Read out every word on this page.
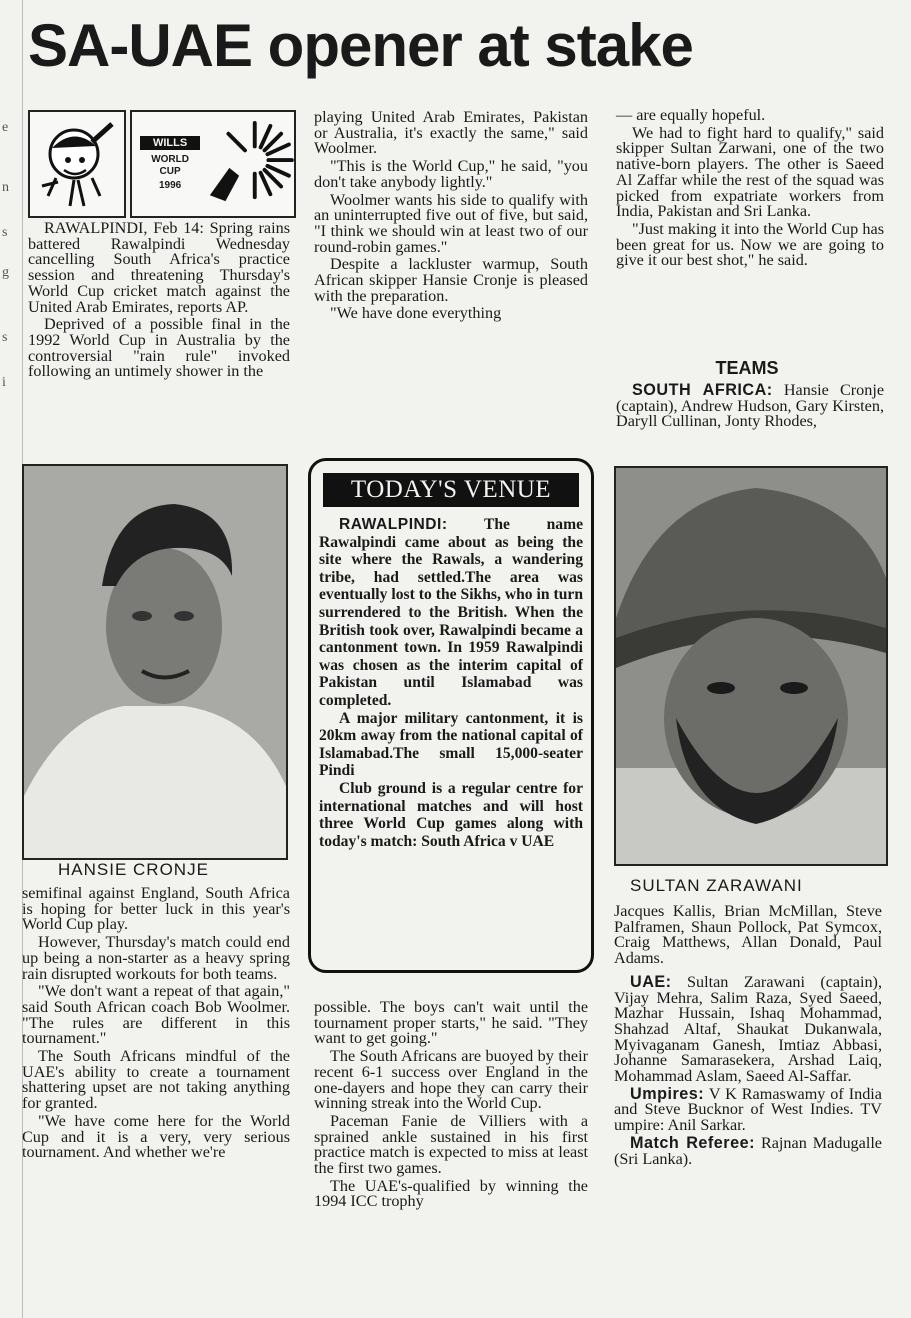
e
n
s
g
s
i
SA-UAE opener at stake
WILLS
WORLD CUP
1996

RAWALPINDI, Feb 14: Spring rains battered Rawalpindi Wednesday cancelling South Africa's practice session and threatening Thursday's World Cup cricket match against the United Arab Emirates, reports AP.

Deprived of a possible final in the 1992 World Cup in Australia by the controversial "rain rule" invoked following an untimely shower in the

HANSIE CRONJE

semifinal against England, South Africa is hoping for better luck in this year's World Cup play.

However, Thursday's match could end up being a non-starter as a heavy spring rain disrupted workouts for both teams.

"We don't want a repeat of that again," said South African coach Bob Woolmer. "The rules are different in this tournament."

The South Africans mindful of the UAE's ability to create a tournament shattering upset are not taking anything for granted.

"We have come here for the World Cup and it is a very, very serious tournament. And whether we're

playing United Arab Emirates, Pakistan or Australia, it's exactly the same," said Woolmer.

"This is the World Cup," he said, "you don't take anybody lightly."

Woolmer wants his side to qualify with an uninterrupted five out of five, but said, "I think we should win at least two of our round-robin games."

Despite a lackluster warmup, South African skipper Hansie Cronje is pleased with the preparation.

"We have done everything

TODAY'S VENUE

RAWALPINDI: The name Rawalpindi came about as being the site where the Rawals, a wandering tribe, had settled.The area was eventually lost to the Sikhs, who in turn surrendered to the British. When the British took over, Rawalpindi became a cantonment town. In 1959 Rawalpindi was chosen as the interim capital of Pakistan until Islamabad was completed.

A major military cantonment, it is 20km away from the national capital of Islamabad.The small 15,000-seater Pindi

Club ground is a regular centre for international matches and will host three World Cup games along with today's match: South Africa v UAE

possible. The boys can't wait until the tournament proper starts," he said. "They want to get going."

The South Africans are buoyed by their recent 6-1 success over England in the one-dayers and hope they can carry their winning streak into the World Cup.

Paceman Fanie de Villiers with a sprained ankle sustained in his first practice match is expected to miss at least the first two games.

The UAE's-qualified by winning the 1994 ICC trophy

— are equally hopeful.

We had to fight hard to qualify," said skipper Sultan Zarwani, one of the two native-born players. The other is Saeed Al Zaffar while the rest of the squad was picked from expatriate workers from India, Pakistan and Sri Lanka.

"Just making it into the World Cup has been great for us. Now we are going to give it our best shot," he said.

TEAMS

SOUTH AFRICA: Hansie Cronje (captain), Andrew Hudson, Gary Kirsten, Daryll Cullinan, Jonty Rhodes,

SULTAN ZARAWANI

Jacques Kallis, Brian McMillan, Steve Palframen, Shaun Pollock, Pat Symcox, Craig Matthews, Allan Donald, Paul Adams.

UAE: Sultan Zarawani (captain), Vijay Mehra, Salim Raza, Syed Saeed, Mazhar Hussain, Ishaq Mohammad, Shahzad Altaf, Shaukat Dukanwala, Myivaganam Ganesh, Imtiaz Abbasi, Johanne Samarasekera, Arshad Laiq, Mohammad Aslam, Saeed Al-Saffar.

Umpires: V K Ramaswamy of India and Steve Bucknor of West Indies. TV umpire: Anil Sarkar.

Match Referee: Rajnan Madugalle (Sri Lanka).
